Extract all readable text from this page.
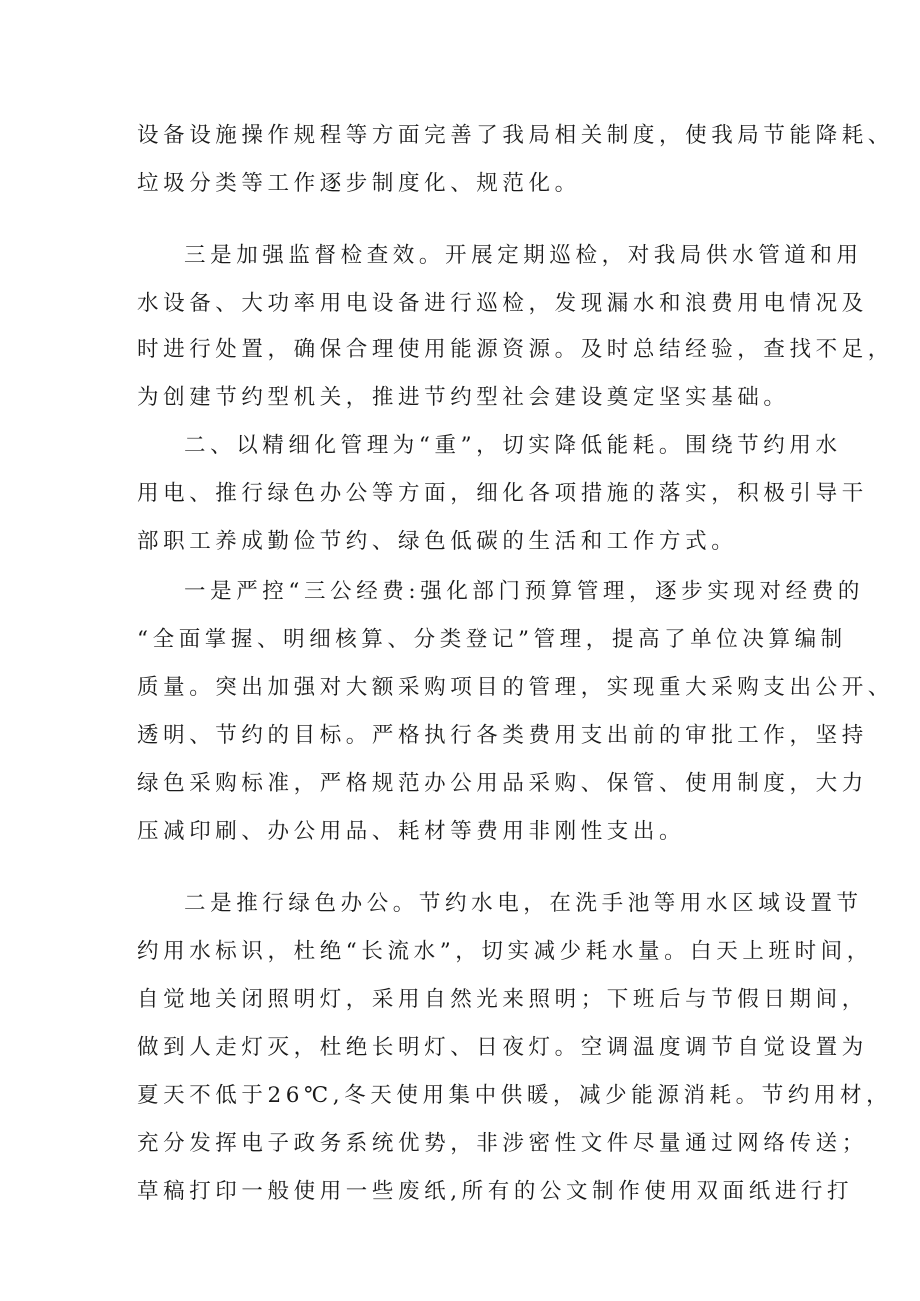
设备设施操作规程等方面完善了我局相关制度，使我局节能降耗、
垃圾分类等工作逐步制度化、规范化。
三是加强监督检查效。开展定期巡检，对我局供水管道和用
水设备、大功率用电设备进行巡检，发现漏水和浪费用电情况及
时进行处置，确保合理使用能源资源。及时总结经验，查找不足，
为创建节约型机关，推进节约型社会建设奠定坚实基础。
二、以精细化管理为“重”，切实降低能耗。围绕节约用水
用电、推行绿色办公等方面，细化各项措施的落实，积极引导干
部职工养成勤俭节约、绿色低碳的生活和工作方式。
一是严控“三公经费:强化部门预算管理，逐步实现对经费的
“全面掌握、明细核算、分类登记”管理，提高了单位决算编制
质量。突出加强对大额采购项目的管理，实现重大采购支出公开、
透明、节约的目标。严格执行各类费用支出前的审批工作，坚持
绿色采购标准，严格规范办公用品采购、保管、使用制度，大力
压减印刷、办公用品、耗材等费用非刚性支出。
二是推行绿色办公。节约水电，在洗手池等用水区域设置节
约用水标识，杜绝“长流水”，切实减少耗水量。白天上班时间，
自觉地关闭照明灯，采用自然光来照明；下班后与节假日期间，
做到人走灯灭，杜绝长明灯、日夜灯。空调温度调节自觉设置为
夏天不低于26℃,冬天使用集中供暖，减少能源消耗。节约用材，
充分发挥电子政务系统优势，非涉密性文件尽量通过网络传送；
草稿打印一般使用一些废纸,所有的公文制作使用双面纸进行打
